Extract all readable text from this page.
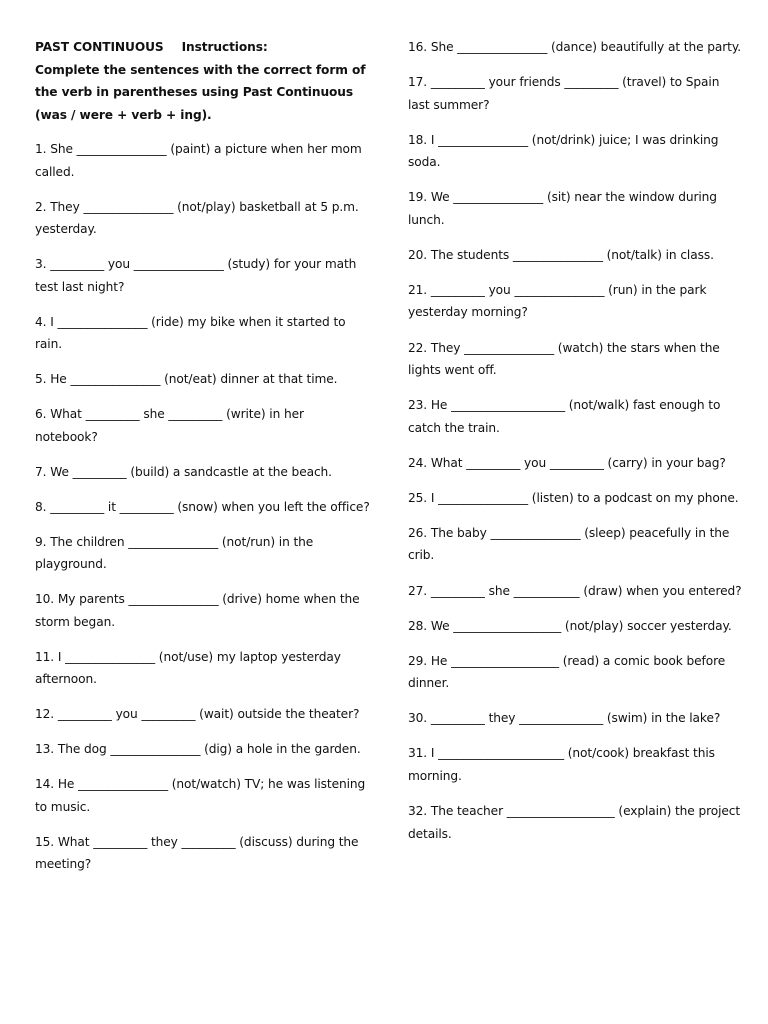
PAST CONTINUOUS Instructions:

Complete the sentences with the correct form of the verb in parentheses using Past Continuous (was / were + verb + ing).

1. She _______________ (paint) a picture when her mom called.

2. They _______________ (not/play) basketball at 5 p.m. yesterday.

3. _________ you _______________ (study) for your math test last night?

4. I _______________ (ride) my bike when it started to rain.

5. He _______________ (not/eat) dinner at that time.

6. What _________ she _________ (write) in her notebook?

7. We _________ (build) a sandcastle at the beach.

8. _________ it _________ (snow) when you left the office?

9. The children _______________ (not/run) in the playground.

10. My parents _______________ (drive) home when the storm began.

11. I _______________ (not/use) my laptop yesterday afternoon.

12. _________ you _________ (wait) outside the theater?

13. The dog _______________ (dig) a hole in the garden.

14. He _______________ (not/watch) TV; he was listening to music.

15. What _________ they _________ (discuss) during the meeting?

16. She _______________ (dance) beautifully at the party.

17. _________ your friends _________ (travel) to Spain last summer?

18. I _______________ (not/drink) juice; I was drinking soda.

19. We _______________ (sit) near the window during lunch.

20. The students _______________ (not/talk) in class.

21. _________ you _______________ (run) in the park yesterday morning?

22. They _______________ (watch) the stars when the lights went off.

23. He ___________________ (not/walk) fast enough to catch the train.

24. What _________ you _________ (carry) in your bag?

25. I _______________ (listen) to a podcast on my phone.

26. The baby _______________ (sleep) peacefully in the crib.

27. _________ she ___________ (draw) when you entered?

28. We __________________ (not/play) soccer yesterday.

29. He __________________ (read) a comic book before dinner.

30. _________ they ______________ (swim) in the lake?

31. I _____________________ (not/cook) breakfast this morning.

32. The teacher __________________ (explain) the project details.
